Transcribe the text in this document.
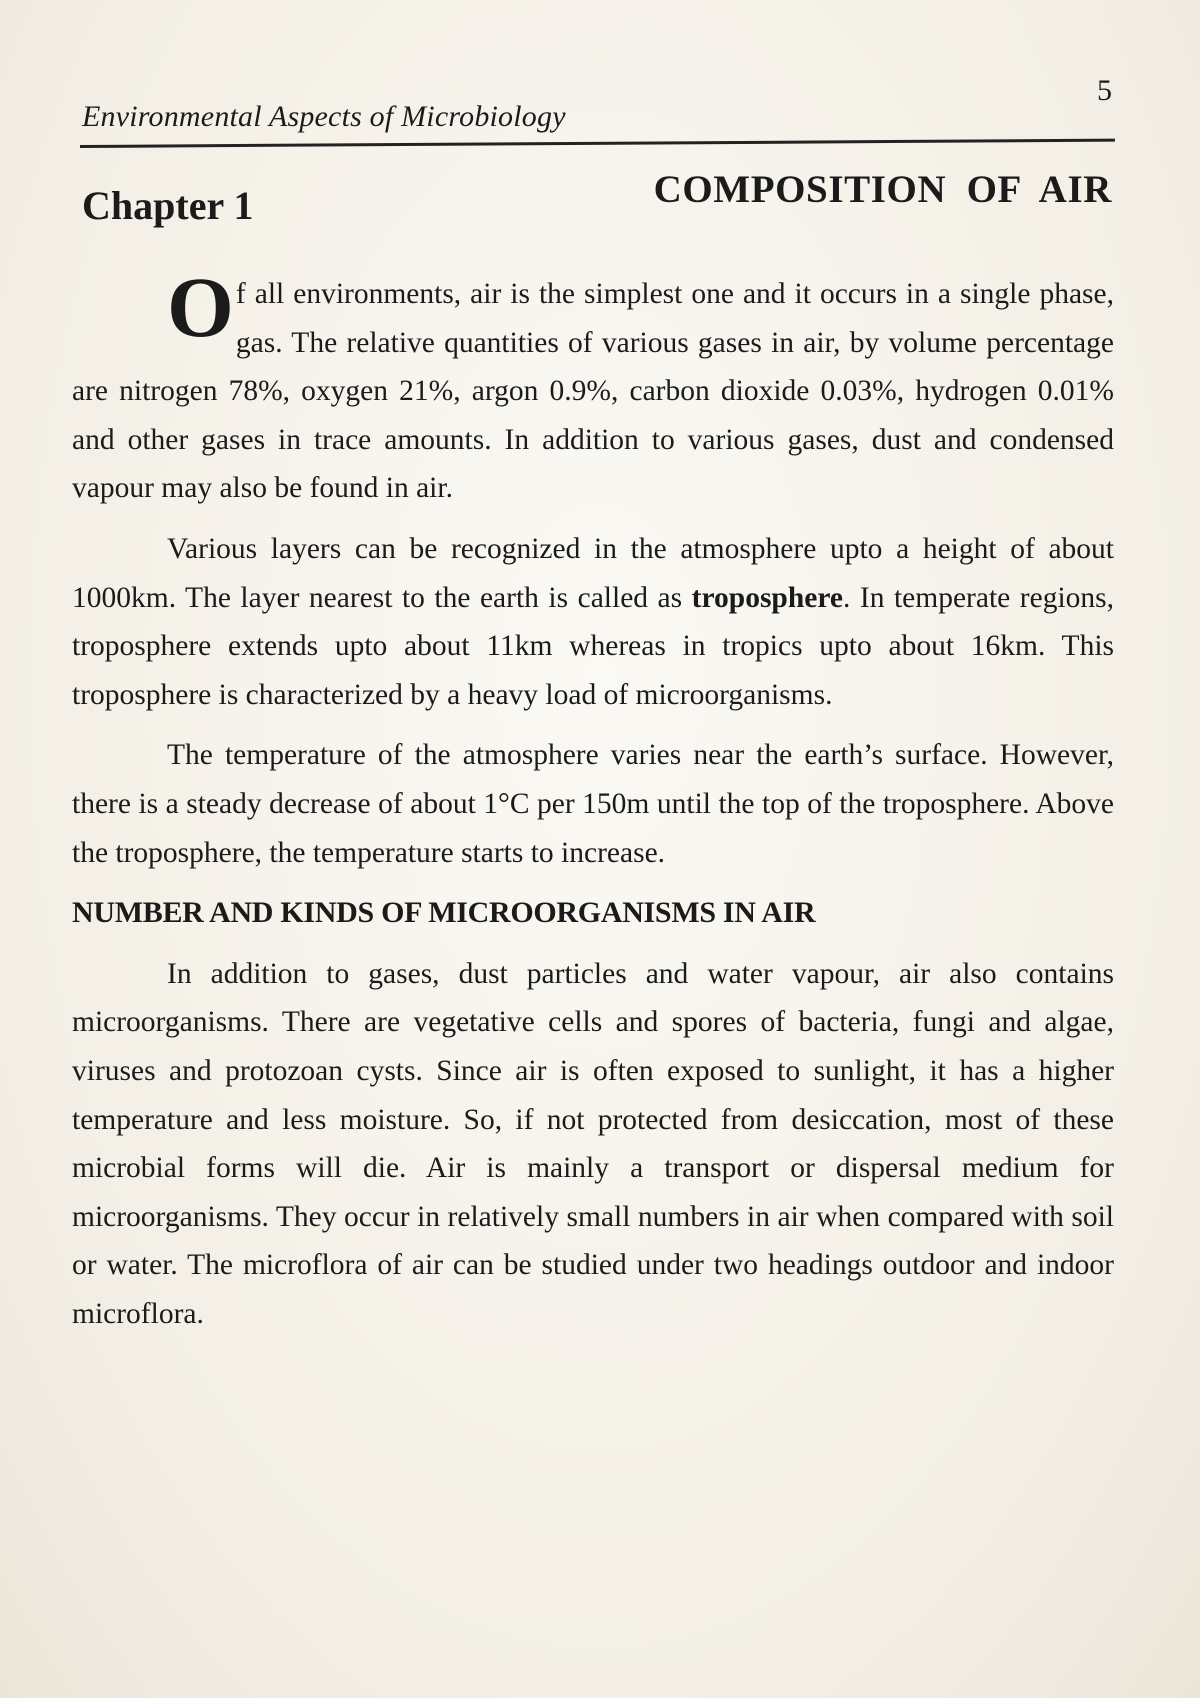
Environmental Aspects of Microbiology
5
Chapter 1	COMPOSITION OF AIR

Of all environments, air is the simplest one and it occurs in a single phase, gas. The relative quantities of various gases in air, by volume percentage are nitrogen 78%, oxygen 21%, argon 0.9%, carbon dioxide 0.03%, hydrogen 0.01% and other gases in trace amounts. In addition to various gases, dust and condensed vapour may also be found in air.

Various layers can be recognized in the atmosphere upto a height of about 1000km. The layer nearest to the earth is called as troposphere. In temperate regions, troposphere extends upto about 11km whereas in tropics upto about 16km. This troposphere is characterized by a heavy load of microorganisms.

The temperature of the atmosphere varies near the earth’s surface. However, there is a steady decrease of about 1°C per 150m until the top of the troposphere. Above the troposphere, the temperature starts to increase.

NUMBER AND KINDS OF MICROORGANISMS IN AIR

In addition to gases, dust particles and water vapour, air also contains microorganisms. There are vegetative cells and spores of bacteria, fungi and algae, viruses and protozoan cysts. Since air is often exposed to sunlight, it has a higher temperature and less moisture. So, if not protected from desiccation, most of these microbial forms will die. Air is mainly a transport or dispersal medium for microorganisms. They occur in relatively small numbers in air when compared with soil or water. The microflora of air can be studied under two headings outdoor and indoor microflora.
